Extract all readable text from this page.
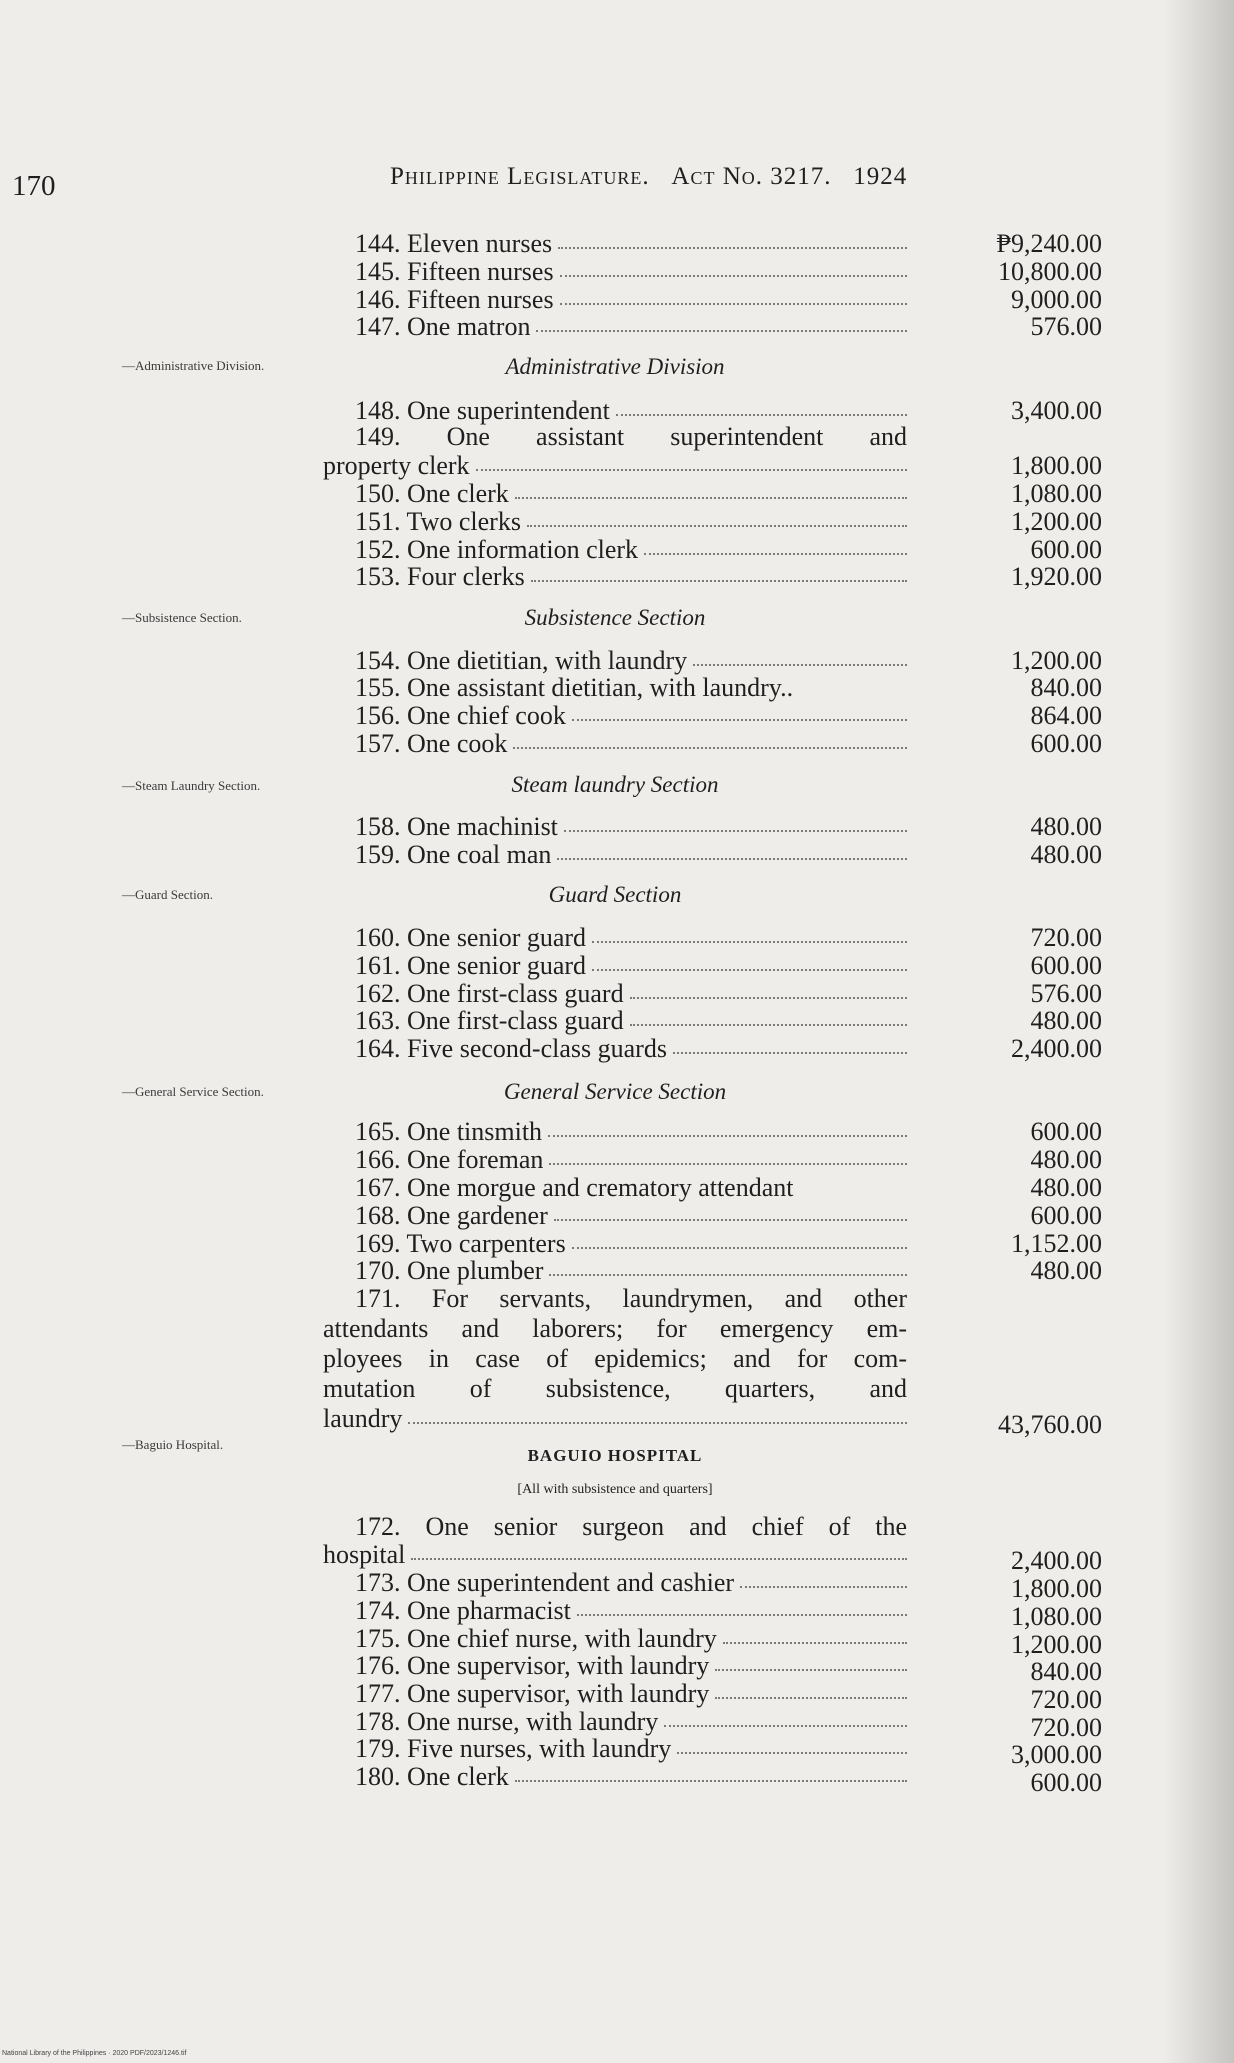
170	Philippine Legislature. Act No. 3217. 1924
144. Eleven nurses	₱9,240.00
145. Fifteen nurses	10,800.00
146. Fifteen nurses	9,000.00
147. One matron	576.00
—Administrative Division.	Administrative Division
148. One superintendent	3,400.00
149. One assistant superintendent and
property clerk	1,800.00
150. One clerk	1,080.00
151. Two clerks	1,200.00
152. One information clerk	600.00
153. Four clerks	1,920.00
—Subsistence Section.	Subsistence Section
154. One dietitian, with laundry	1,200.00
155. One assistant dietitian, with laundry..	840.00
156. One chief cook	864.00
157. One cook	600.00
—Steam Laundry Section.	Steam laundry Section
158. One machinist	480.00
159. One coal man	480.00
—Guard Section.	Guard Section
160. One senior guard	720.00
161. One senior guard	600.00
162. One first-class guard	576.00
163. One first-class guard	480.00
164. Five second-class guards	2,400.00
—General Service Section.	General Service Section
165. One tinsmith	600.00
166. One foreman	480.00
167. One morgue and crematory attendant	480.00
168. One gardener	600.00
169. Two carpenters	1,152.00
170. One plumber	480.00
171. For servants, laundrymen, and other
attendants and laborers; for emergency em-
ployees in case of epidemics; and for com-
mutation of subsistence, quarters, and
laundry	43,760.00
—Baguio Hospital.
BAGUIO HOSPITAL
[All with subsistence and quarters]
172. One senior surgeon and chief of the
hospital	2,400.00
173. One superintendent and cashier	1,800.00
174. One pharmacist	1,080.00
175. One chief nurse, with laundry	1,200.00
176. One supervisor, with laundry	840.00
177. One supervisor, with laundry	720.00
178. One nurse, with laundry	720.00
179. Five nurses, with laundry	3,000.00
180. One clerk	600.00
National Library of the Philippines · 2020 PDF/2023/1246.tif
